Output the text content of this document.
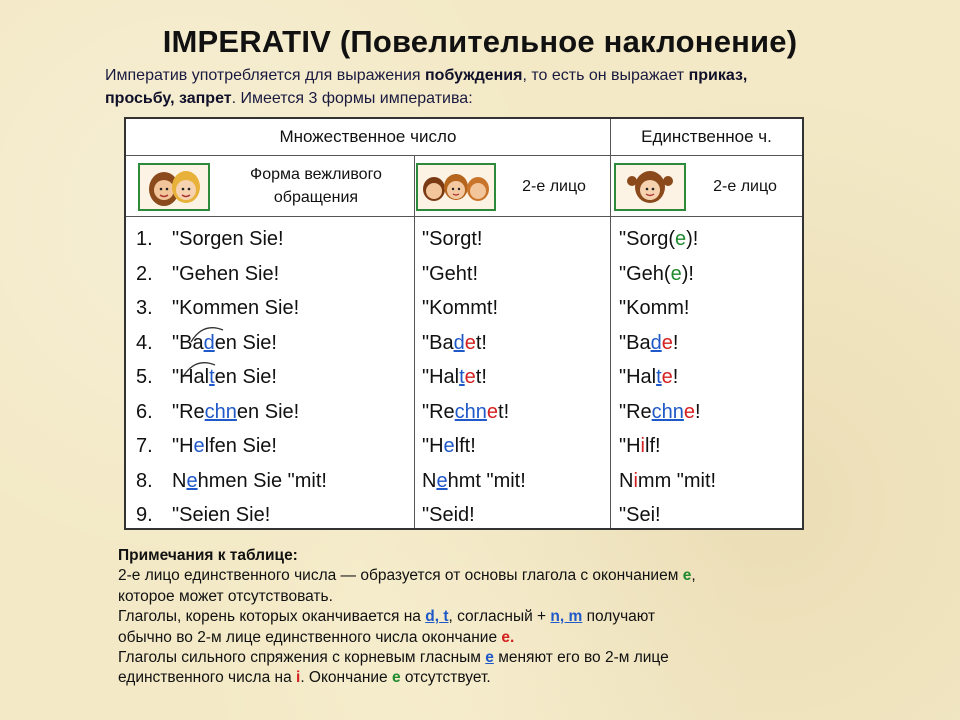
IMPERATIV (Повелительное наклонение)
Императив употребляется для выражения побуждения, то есть он выражает приказ,
просьбу, запрет. Имеется 3 формы императива:
Множественное число	Единственное ч.
Форма вежливого обращения
2-е лицо	2-е лицо
1. "Sorgen Sie!
2. "Gehen Sie!
3. "Kommen Sie!
4. "Baden Sie!
5. "Halten Sie!
6. "Rechnen Sie!
7. "Helfen Sie!
8. Nehmen Sie "mit!
9. "Seien Sie!
"Sorgt!
"Geht!
"Kommt!
"Badet!
"Haltet!
"Rechnet!
"Helft!
Nehmt "mit!
"Seid!
"Sorg(e)!
"Geh(e)!
"Komm!
"Bade!
"Halte!
"Rechne!
"Hilf!
Nimm "mit!
"Sei!
Примечания к таблице:
2-е лицо единственного числа — образуется от основы глагола с окончанием е,
которое может отсутствовать.
Глаголы, корень которых оканчивается на d, t, согласный + n, m получают
обычно во 2-м лице единственного числа окончание е.
Глаголы сильного спряжения с корневым гласным е меняют его во 2-м лице
единственного числа на i. Окончание е отсутствует.
